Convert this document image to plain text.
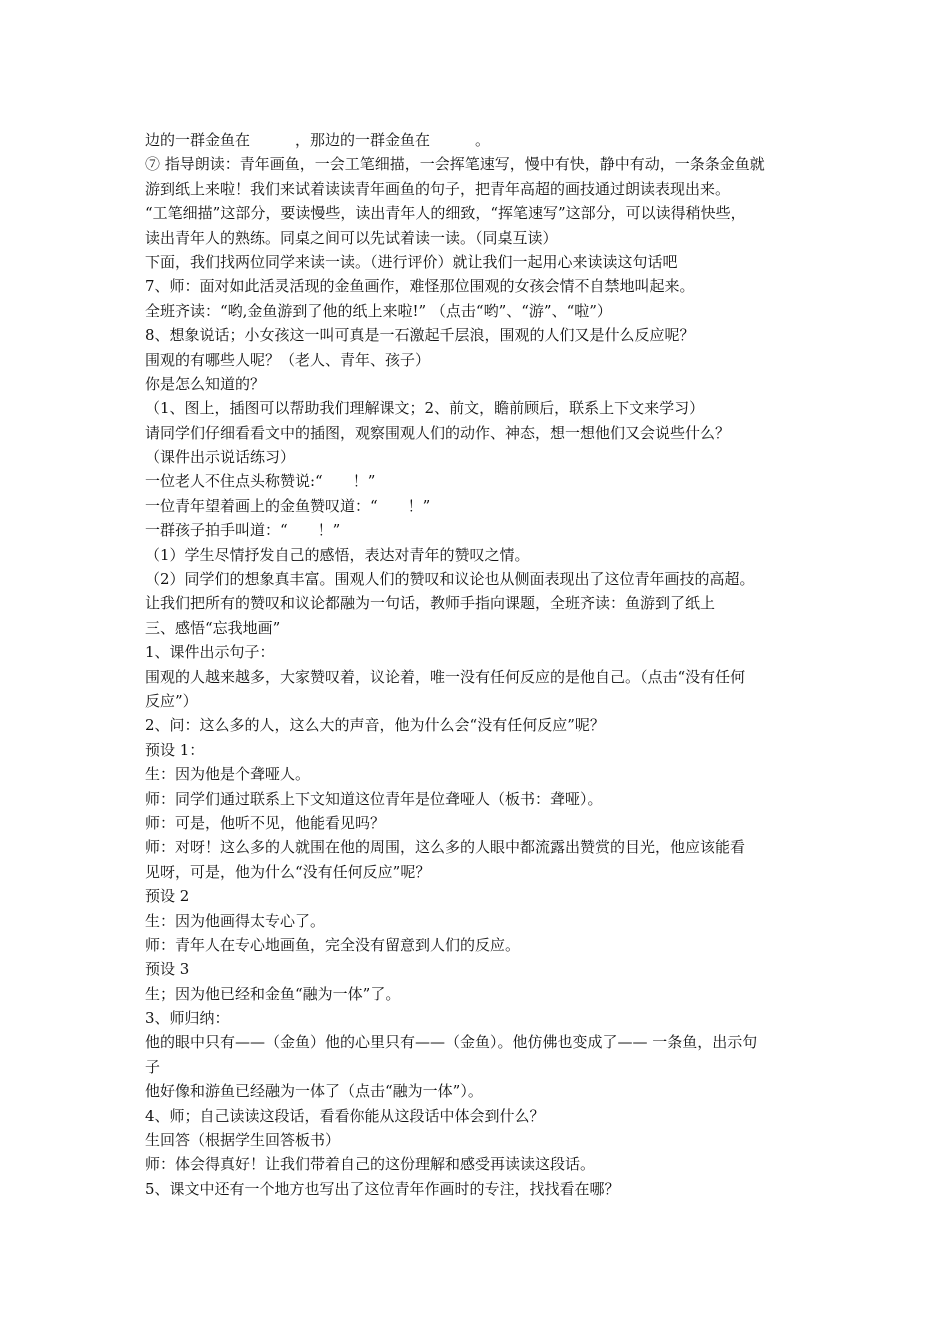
边的一群金鱼在　　　，那边的一群金鱼在　　　。
⑦ 指导朗读：青年画鱼，一会工笔细描，一会挥笔速写，慢中有快，静中有动，一条条金鱼就
游到纸上来啦！我们来试着读读青年画鱼的句子，把青年高超的画技通过朗读表现出来。
“工笔细描”这部分，要读慢些，读出青年人的细致，“挥笔速写”这部分，可以读得稍快些，
读出青年人的熟练。同桌之间可以先试着读一读。（同桌互读）
下面，我们找两位同学来读一读。（进行评价）就让我们一起用心来读读这句话吧
7、师：面对如此活灵活现的金鱼画作，难怪那位围观的女孩会情不自禁地叫起来。
全班齐读：“哟,金鱼游到了他的纸上来啦!” （点击“哟”、“游”、“啦”）
8、想象说话；小女孩这一叫可真是一石激起千层浪，围观的人们又是什么反应呢？
围观的有哪些人呢？（老人、青年、孩子）
你是怎么知道的？
（1、图上，插图可以帮助我们理解课文；2、前文，瞻前顾后，联系上下文来学习）
请同学们仔细看看文中的插图，观察围观人们的动作、神态，想一想他们又会说些什么？
（课件出示说话练习）
一位老人不住点头称赞说:“　　！”
一位青年望着画上的金鱼赞叹道：“　　！”
一群孩子拍手叫道：“　　！”
（1）学生尽情抒发自己的感悟，表达对青年的赞叹之情。
（2）同学们的想象真丰富。围观人们的赞叹和议论也从侧面表现出了这位青年画技的高超。
让我们把所有的赞叹和议论都融为一句话，教师手指向课题，全班齐读：鱼游到了纸上
三、感悟“忘我地画”
1、课件出示句子：
围观的人越来越多，大家赞叹着，议论着，唯一没有任何反应的是他自己。（点击“没有任何
反应”）
2、问：这么多的人，这么大的声音，他为什么会“没有任何反应”呢？
预设 1：
生：因为他是个聋哑人。
师：同学们通过联系上下文知道这位青年是位聋哑人（板书：聋哑）。
师：可是，他听不见，他能看见吗？
师：对呀！这么多的人就围在他的周围，这么多的人眼中都流露出赞赏的目光，他应该能看
见呀，可是，他为什么“没有任何反应”呢？
预设 2
生：因为他画得太专心了。
师：青年人在专心地画鱼，完全没有留意到人们的反应。
预设 3
生；因为他已经和金鱼“融为一体”了。
3、师归纳：
他的眼中只有——（金鱼）他的心里只有——（金鱼）。他仿佛也变成了—— 一条鱼，出示句
子
他好像和游鱼已经融为一体了（点击“融为一体”）。
4、师；自己读读这段话，看看你能从这段话中体会到什么？
生回答（根据学生回答板书）
师：体会得真好！让我们带着自己的这份理解和感受再读读这段话。
5、课文中还有一个地方也写出了这位青年作画时的专注，找找看在哪？
